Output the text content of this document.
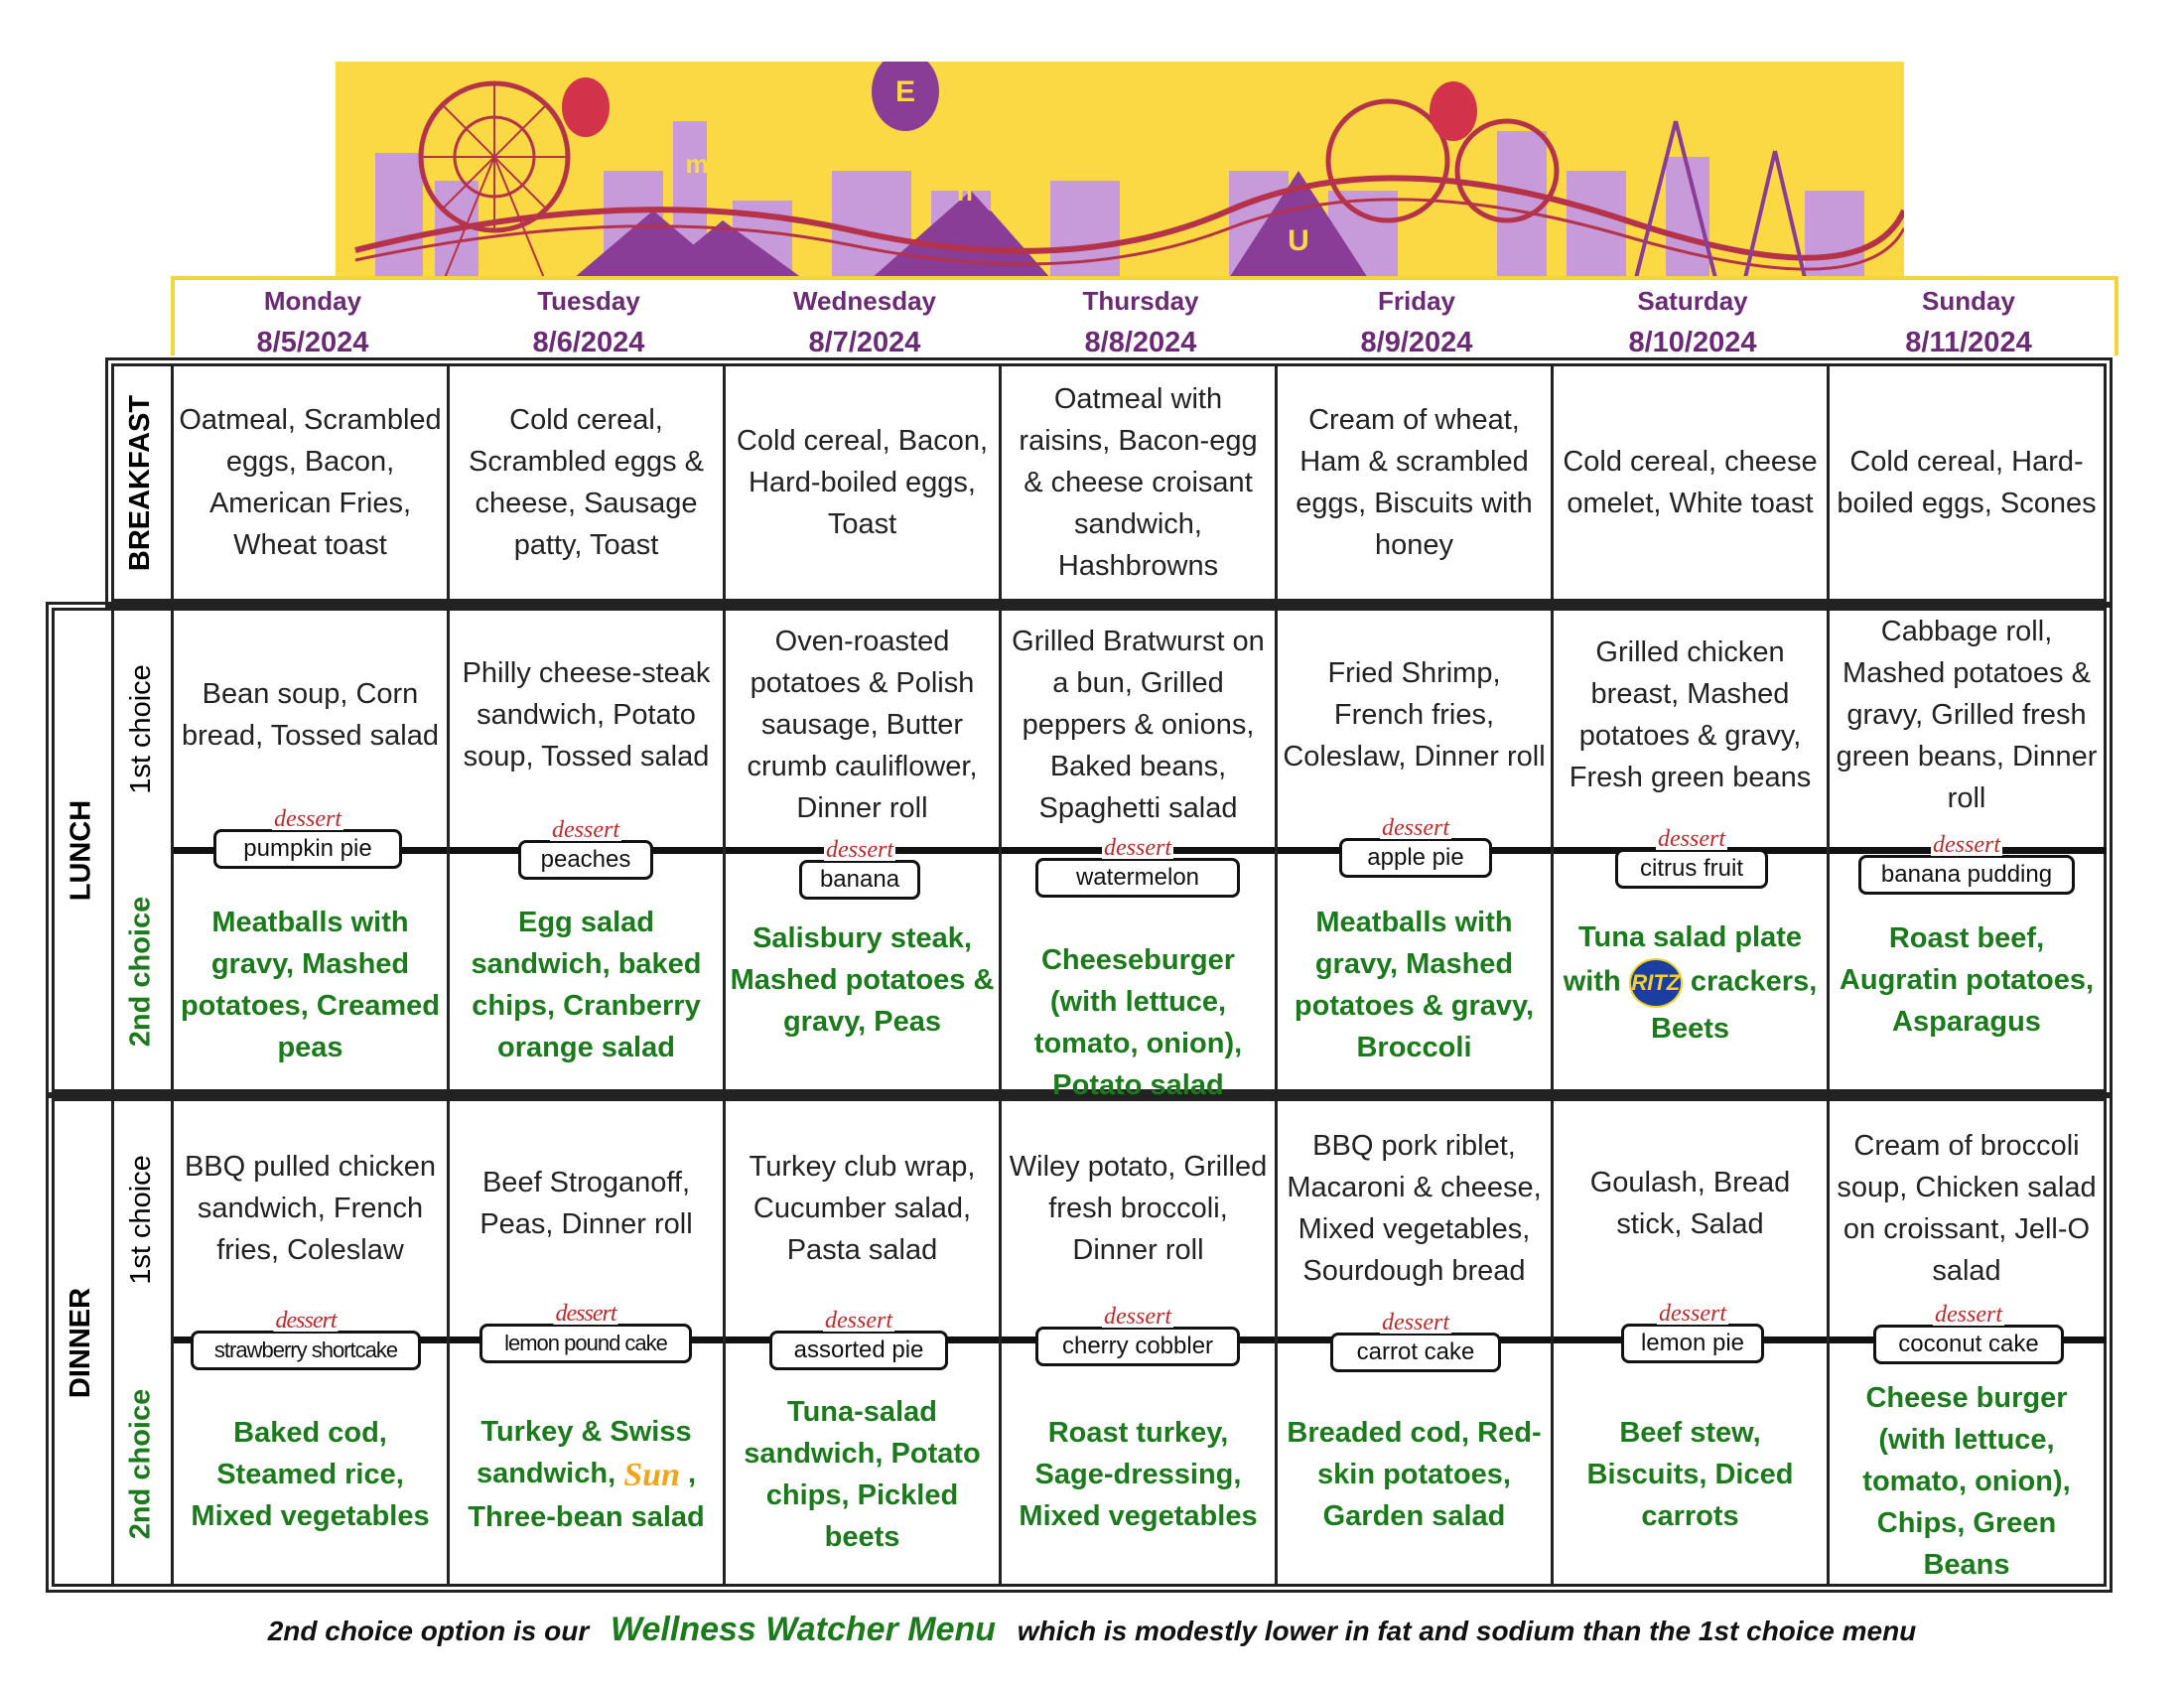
E
m
n
U
Monday
8/5/2024
Tuesday
8/6/2024
Wednesday
8/7/2024
Thursday
8/8/2024
Friday
8/9/2024
Saturday
8/10/2024
Sunday
8/11/2024
BREAKFAST
LUNCH
1st choice
2nd choice
DINNER
1st choice
2nd choice
Oatmeal, Scrambled eggs, Bacon, American Fries, Wheat toast
Cold cereal, Scrambled eggs & cheese, Sausage patty, Toast
Cold cereal, Bacon, Hard-boiled eggs, Toast
Oatmeal with raisins, Bacon-egg & cheese croisant sandwich, Hashbrowns
Cream of wheat, Ham & scrambled eggs, Biscuits with honey
Cold cereal, cheese omelet, White toast
Cold cereal, Hard-boiled eggs, Scones
Bean soup, Corn bread, Tossed salad
Philly cheese-steak sandwich, Potato soup, Tossed salad
Oven-roasted potatoes & Polish sausage, Butter crumb cauliflower, Dinner roll
Grilled Bratwurst on a bun, Grilled peppers & onions, Baked beans, Spaghetti salad
Fried Shrimp, French fries, Coleslaw, Dinner roll
Grilled chicken breast, Mashed potatoes & gravy, Fresh green beans
Cabbage roll, Mashed potatoes & gravy, Grilled fresh green beans, Dinner roll
dessert
pumpkin pie
dessert
peaches	dessert
banana
dessert
watermelon
dessert
apple pie
dessert
citrus fruit
dessert
banana pudding
Meatballs with gravy, Mashed potatoes, Creamed peas
Egg salad sandwich, baked chips, Cranberry orange salad
Salisbury steak, Mashed potatoes & gravy, Peas
Cheeseburger (with lettuce, tomato, onion), Potato salad
Meatballs with gravy, Mashed potatoes & gravy, Broccoli
Tuna salad plate with RITZ crackers, Beets
Roast beef, Augratin potatoes, Asparagus
BBQ pulled chicken sandwich, French fries, Coleslaw
Beef Stroganoff, Peas, Dinner roll
Turkey club wrap, Cucumber salad, Pasta salad
Wiley potato, Grilled fresh broccoli, Dinner roll
BBQ pork riblet, Macaroni & cheese, Mixed vegetables, Sourdough bread
Goulash, Bread stick, Salad
Cream of broccoli soup, Chicken salad on croissant, Jell-O salad
dessert
strawberry shortcake
dessert
lemon pound cake
dessert
assorted pie
dessert
cherry cobbler
dessert
carrot cake
dessert
lemon pie
dessert
coconut cake
Baked cod, Steamed rice, Mixed vegetables
Turkey & Swiss sandwich, Sun , Three-bean salad
Tuna-salad sandwich, Potato chips, Pickled beets
Roast turkey, Sage-dressing, Mixed vegetables
Breaded cod, Red-skin potatoes, Garden salad
Beef stew, Biscuits, Diced carrots
Cheese burger (with lettuce, tomato, onion), Chips, Green Beans
2nd choice option is our Wellness Watcher Menu which is modestly lower in fat and sodium than the 1st choice menu
